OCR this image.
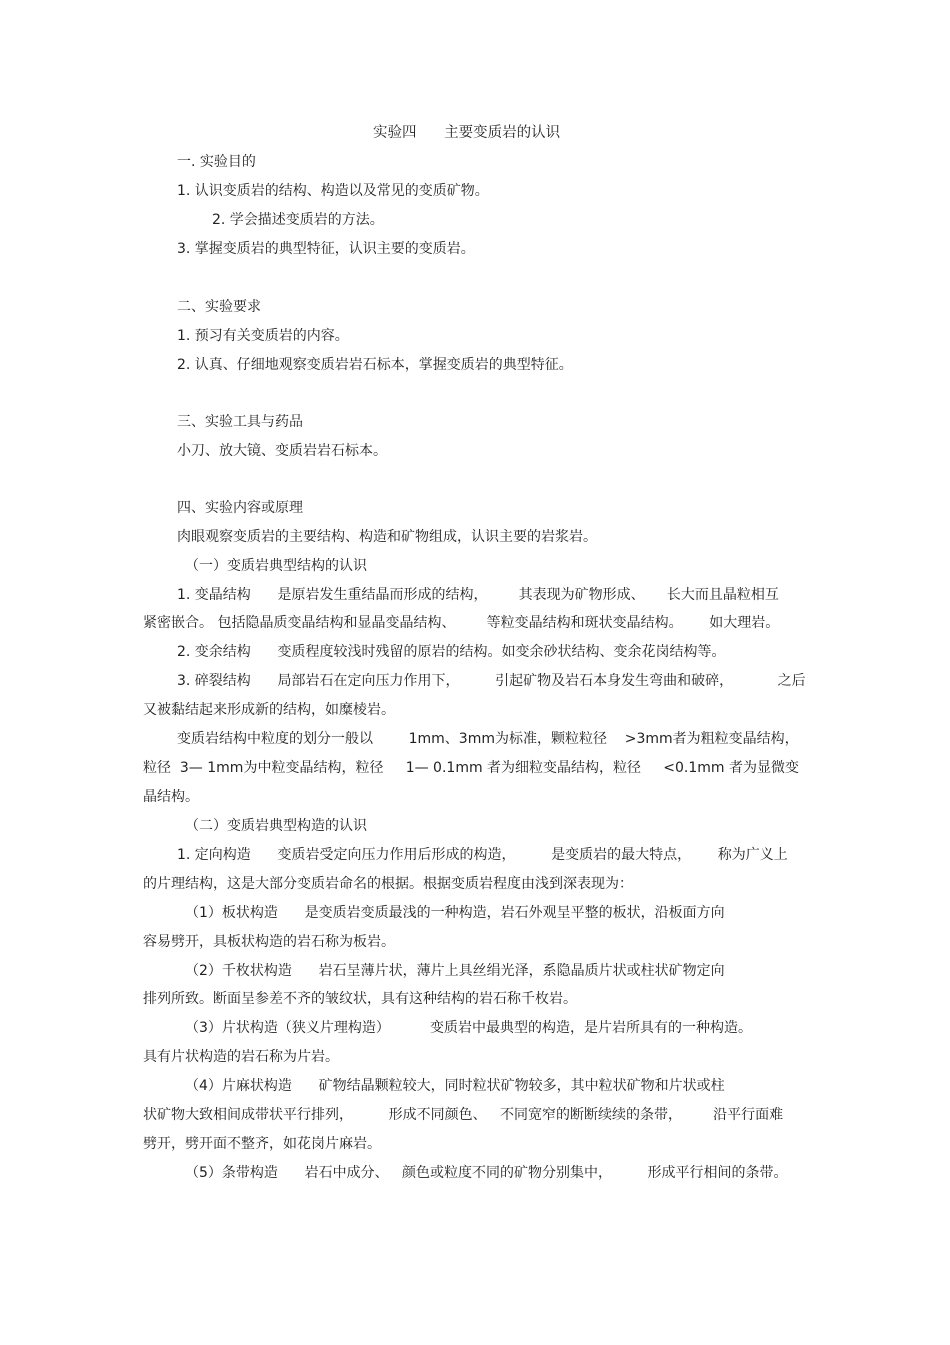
实验四      主要变质岩的认识

一. 实验目的

1. 认识变质岩的结构、构造以及常见的变质矿物。

2. 学会描述变质岩的方法。

3. 掌握变质岩的典型特征，认识主要的变质岩。

二、实验要求

1. 预习有关变质岩的内容。

2. 认真、仔细地观察变质岩岩石标本，掌握变质岩的典型特征。

三、实验工具与药品

小刀、放大镜、变质岩岩石标本。

四、实验内容或原理

肉眼观察变质岩的主要结构、构造和矿物组成，认识主要的岩浆岩。

（一）变质岩典型结构的认识

1. 变晶结构      是原岩发生重结晶而形成的结构，       其表现为矿物形成、     长大而且晶粒相互

紧密嵌合。 包括隐晶质变晶结构和显晶变晶结构、       等粒变晶结构和斑状变晶结构。      如大理岩。

2. 变余结构      变质程度较浅时残留的原岩的结构。如变余砂状结构、变余花岗结构等。

3. 碎裂结构      局部岩石在定向压力作用下，        引起矿物及岩石本身发生弯曲和破碎，          之后

又被黏结起来形成新的结构，如糜棱岩。

变质岩结构中粒度的划分一般以        1mm、3mm为标准，颗粒粒径    >3mm者为粗粒变晶结构，

粒径  3— 1mm为中粒变晶结构，粒径     1— 0.1mm 者为细粒变晶结构，粒径     <0.1mm 者为显微变

晶结构。

（二）变质岩典型构造的认识

1. 定向构造      变质岩受定向压力作用后形成的构造，        是变质岩的最大特点，      称为广义上

的片理结构，这是大部分变质岩命名的根据。根据变质岩程度由浅到深表现为：

（1）板状构造      是变质岩变质最浅的一种构造，岩石外观呈平整的板状，沿板面方向

容易劈开，具板状构造的岩石称为板岩。

（2）千枚状构造      岩石呈薄片状，薄片上具丝绢光泽，系隐晶质片状或柱状矿物定向

排列所致。断面呈参差不齐的皱纹状，具有这种结构的岩石称千枚岩。

（3）片状构造（狭义片理构造）         变质岩中最典型的构造，是片岩所具有的一种构造。

具有片状构造的岩石称为片岩。

（4）片麻状构造      矿物结晶颗粒较大，同时粒状矿物较多，其中粒状矿物和片状或柱

状矿物大致相间成带状平行排列，        形成不同颜色、   不同宽窄的断断续续的条带，       沿平行面难

劈开，劈开面不整齐，如花岗片麻岩。

（5）条带构造      岩石中成分、   颜色或粒度不同的矿物分别集中，        形成平行相间的条带。
